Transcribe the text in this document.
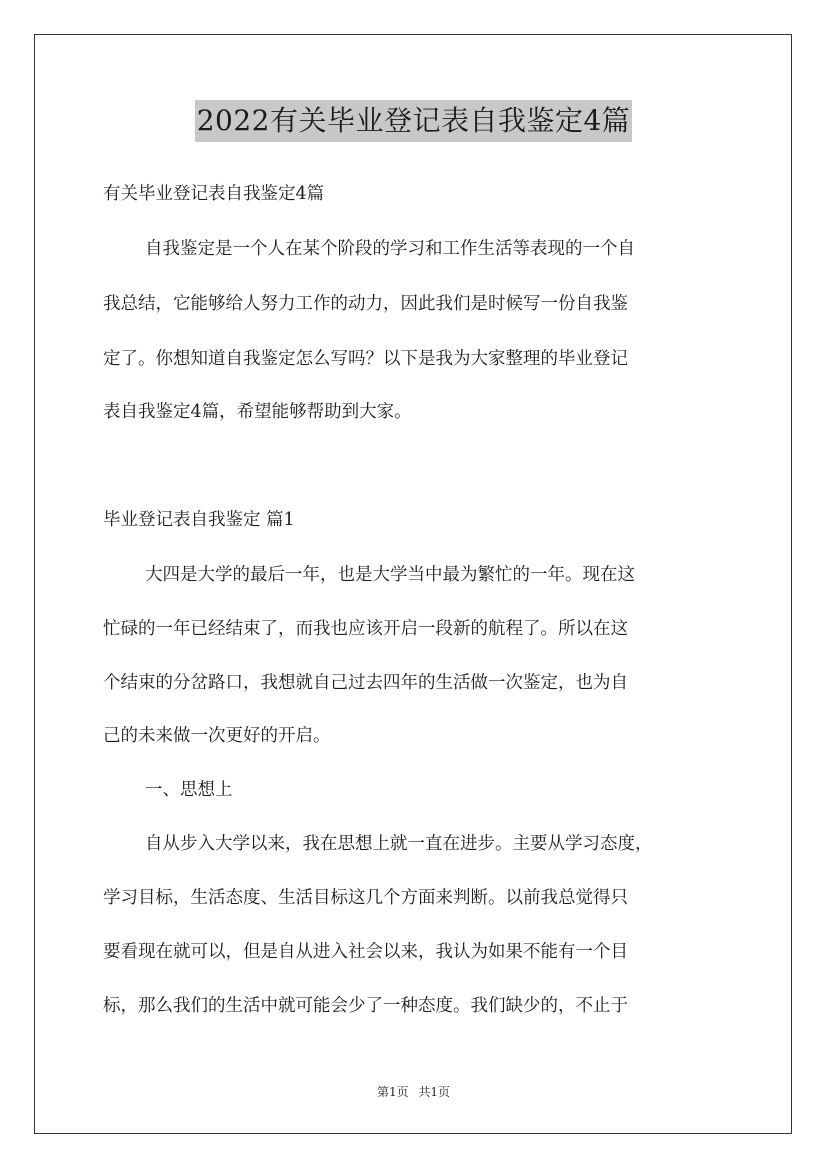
2022有关毕业登记表自我鉴定4篇
有关毕业登记表自我鉴定4篇
自我鉴定是一个人在某个阶段的学习和工作生活等表现的一个自
我总结，它能够给人努力工作的动力，因此我们是时候写一份自我鉴
定了。你想知道自我鉴定怎么写吗？以下是我为大家整理的毕业登记
表自我鉴定4篇，希望能够帮助到大家。
毕业登记表自我鉴定 篇1
大四是大学的最后一年，也是大学当中最为繁忙的一年。现在这
忙碌的一年已经结束了，而我也应该开启一段新的航程了。所以在这
个结束的分岔路口，我想就自己过去四年的生活做一次鉴定，也为自
己的未来做一次更好的开启。
一、思想上
自从步入大学以来，我在思想上就一直在进步。主要从学习态度，
学习目标，生活态度、生活目标这几个方面来判断。以前我总觉得只
要看现在就可以，但是自从进入社会以来，我认为如果不能有一个目
标，那么我们的生活中就可能会少了一种态度。我们缺少的，不止于
第1页 共1页
